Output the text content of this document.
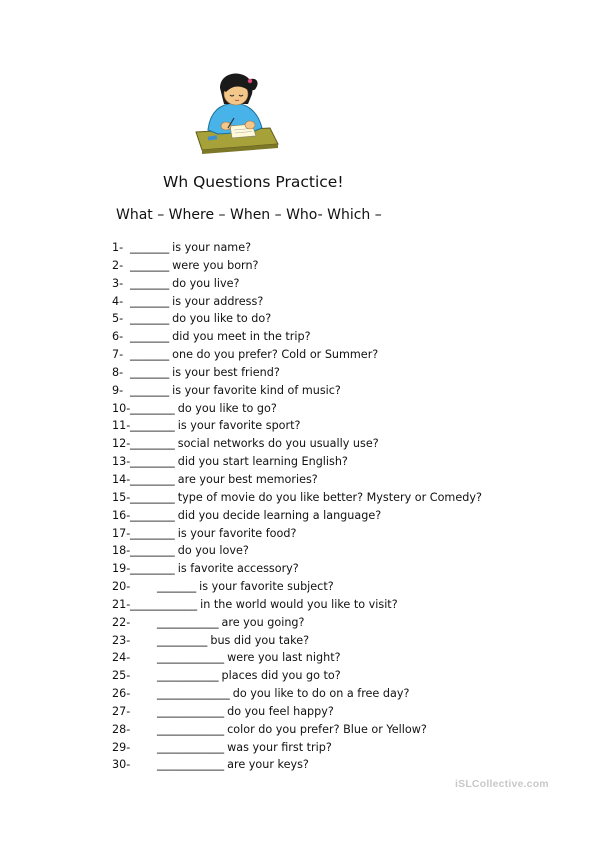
Wh Questions Practice!
What – Where – When – Who- Which –
1- _______ is your name?
2- _______ were you born?
3- _______ do you live?
4- _______ is your address?
5- _______ do you like to do?
6- _______ did you meet in the trip?
7- _______ one do you prefer? Cold or Summer?
8- _______ is your best friend?
9- _______ is your favorite kind of music?
10-________ do you like to go?
11-________ is your favorite sport?
12-________ social networks do you usually use?
13-________ did you start learning English?
14-________ are your best memories?
15-________ type of movie do you like better? Mystery or Comedy?
16-________ did you decide learning a language?
17-________ is your favorite food?
18-________ do you love?
19-________ is favorite accessory?
20- _______ is your favorite subject?
21-____________ in the world would you like to visit?
22- ___________ are you going?
23- _________ bus did you take?
24- ____________ were you last night?
25- ___________ places did you go to?
26- _____________ do you like to do on a free day?
27- ____________ do you feel happy?
28- ____________ color do you prefer? Blue or Yellow?
29- ____________ was your first trip?
30- ____________ are your keys?
iSLCollective.com
